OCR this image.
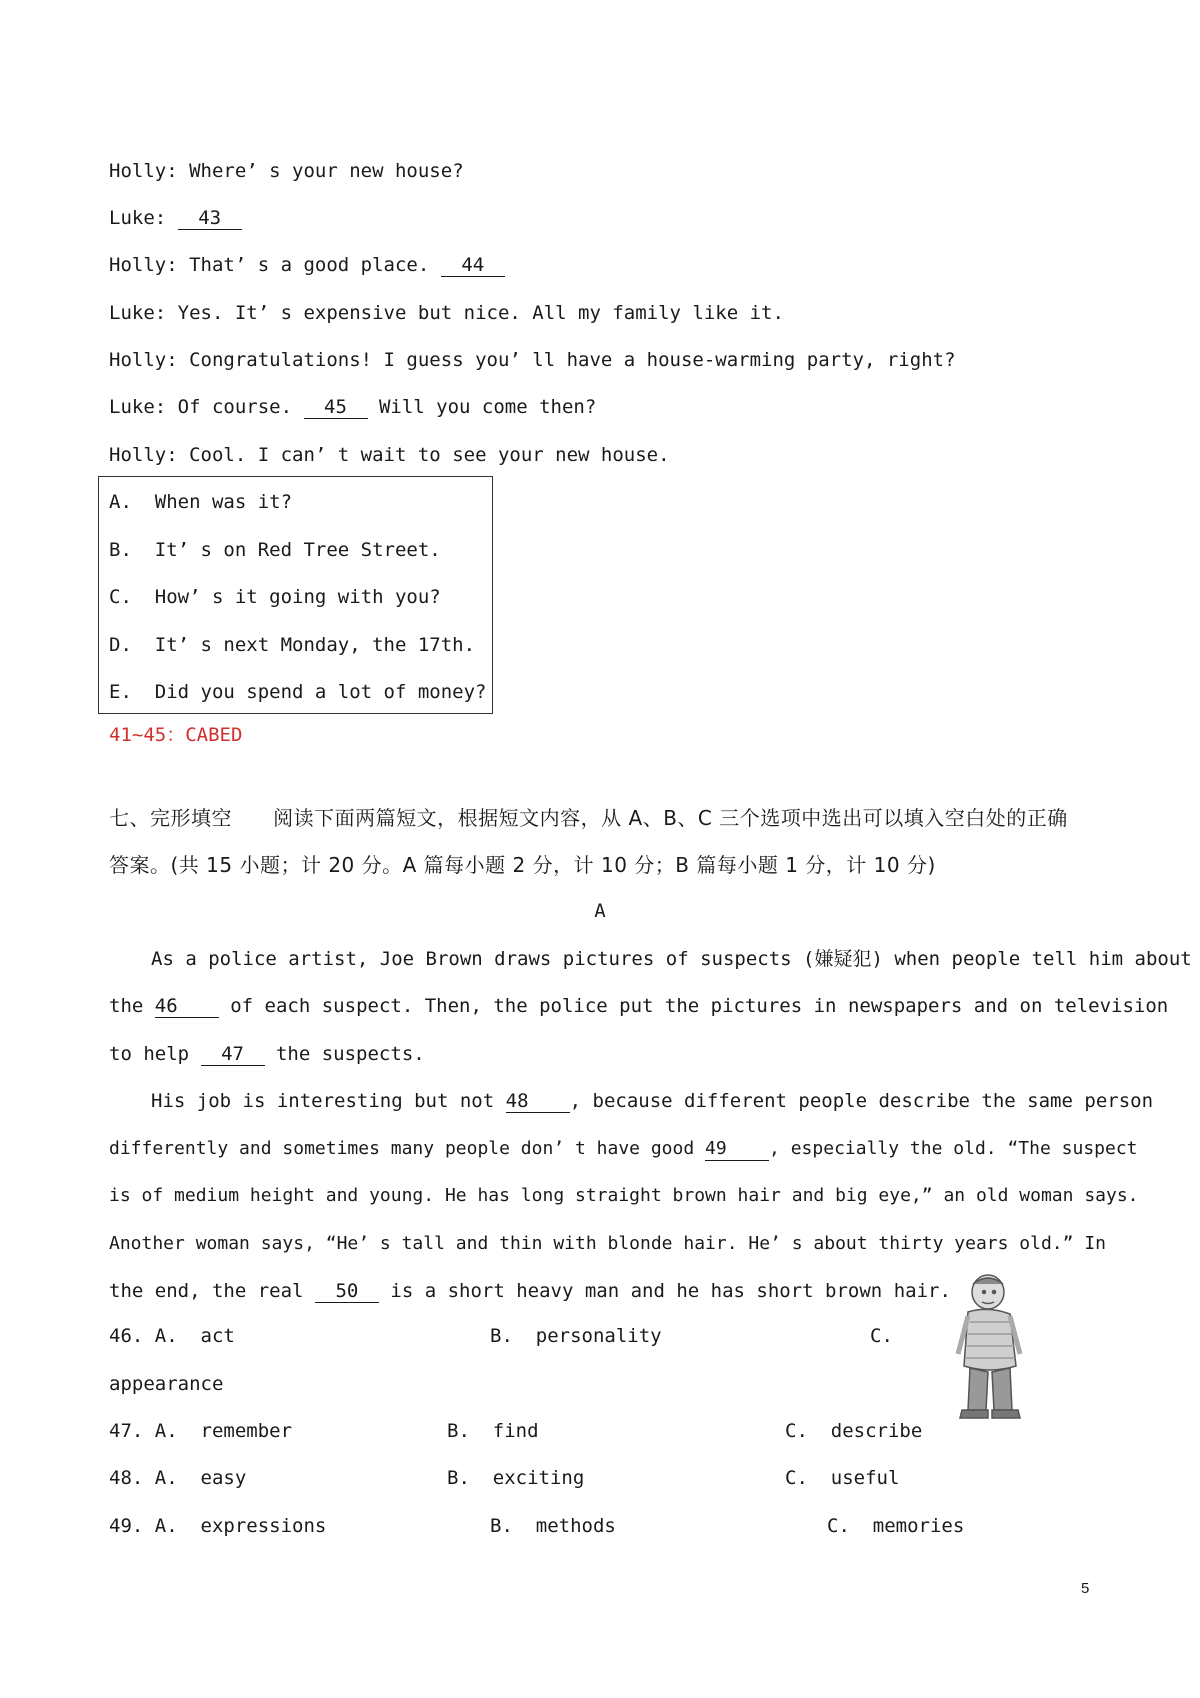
Holly: Where’ s your new house?
Luke: 43
Holly: That’ s a good place. 44
Luke: Yes. It’ s expensive but nice. All my family like it.
Holly: Congratulations! I guess you’ ll have a house-warming party, right?
Luke: Of course. 45 Will you come then?
Holly: Cool. I can’ t wait to see your new house.
A.  When was it?
B.  It’ s on Red Tree Street.
C.  How’ s it going with you?
D.  It’ s next Monday, the 17th.
E.  Did you spend a lot of money?
41~45：CABED
七、完形填空 阅读下面两篇短文，根据短文内容，从 A、B、C 三个选项中选出可以填入空白处的正确
答案。(共 15 小题；计 20 分。A 篇每小题 2 分，计 10 分；B 篇每小题 1 分，计 10 分)
A
As a police artist, Joe Brown draws pictures of suspects (嫌疑犯) when people tell him about
the 46	of each suspect. Then, the police put the pictures in newspapers and on television
to help 47 the suspects.
His job is interesting but not 48 , because different people describe the same person
differently and sometimes many people don’ t have good 49 , especially the old. “The suspect
is of medium height and young. He has long straight brown hair and big eye,” an old woman says.
Another woman says, “He’ s tall and thin with blonde hair. He’ s about thirty years old.” In
the end, the real 50 is a short heavy man and he has short brown hair.
46. A.  act	B.  personality	C.
appearance
47. A.  remember	B.  find	C.  describe
48. A.  easy	B.  exciting	C.  useful
49. A.  expressions	B.  methods	C.  memories
5
